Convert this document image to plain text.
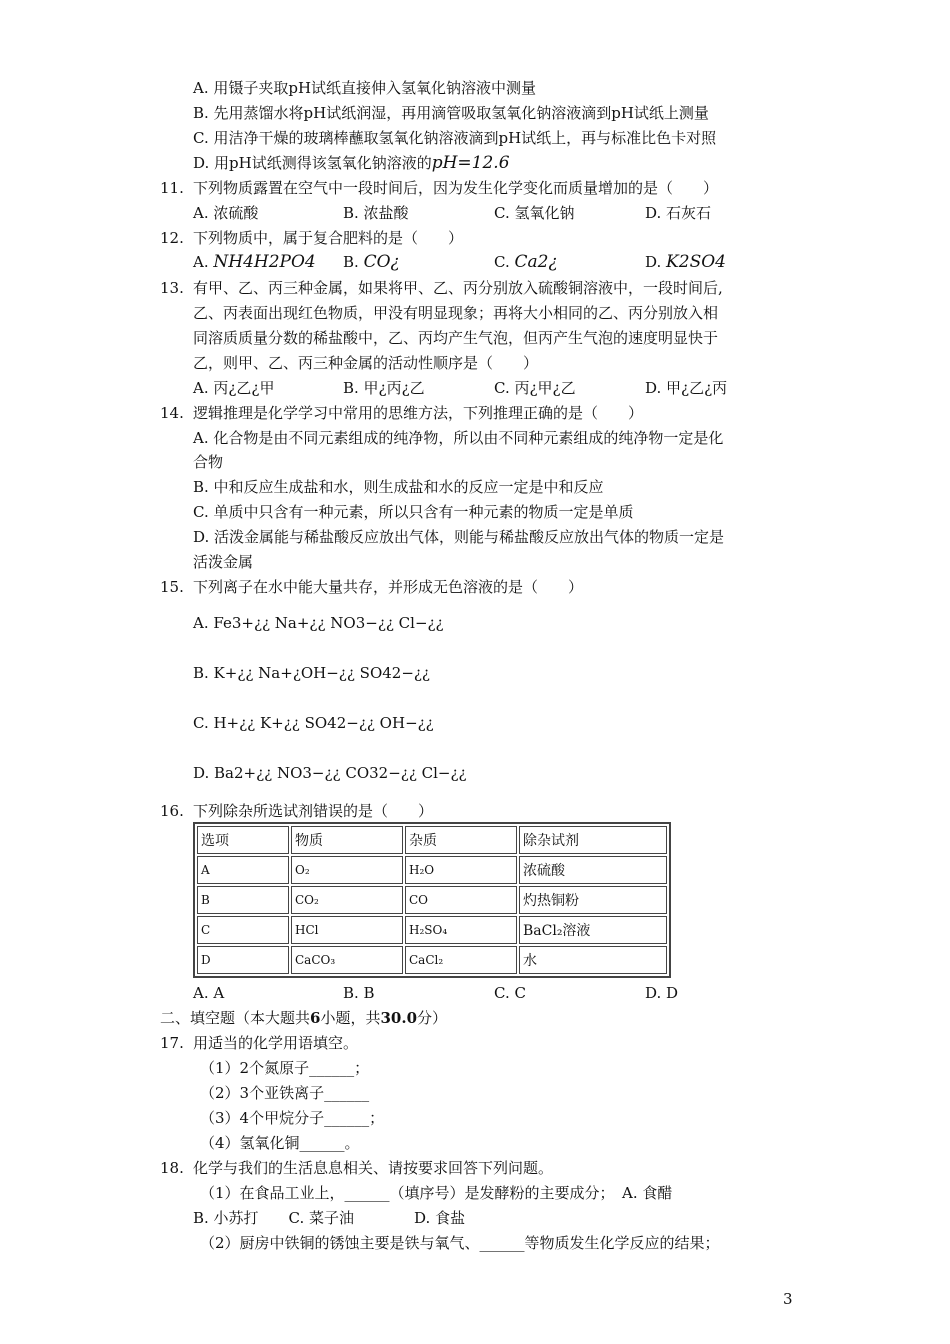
A. 用镊子夹取pH试纸直接伸入氢氧化钠溶液中测量
B. 先用蒸馏水将pH试纸润湿，再用滴管吸取氢氧化钠溶液滴到pH试纸上测量
C. 用洁净干燥的玻璃棒蘸取氢氧化钠溶液滴到pH试纸上，再与标准比色卡对照
D. 用pH试纸测得该氢氧化钠溶液的pH=12.6
11. 下列物质露置在空气中一段时间后，因为发生化学变化而质量增加的是（　　）
A. 浓硫酸	B. 浓盐酸	C. 氢氧化钠	D. 石灰石
12. 下列物质中，属于复合肥料的是（　　）
A. NH4H2PO4 B. CO¿	C. Ca2¿	D. K2SO4
13. 有甲、乙、丙三种金属，如果将甲、乙、丙分别放入硫酸铜溶液中，一段时间后,
乙、丙表面出现红色物质，甲没有明显现象；再将大小相同的乙、丙分别放入相
同溶质质量分数的稀盐酸中，乙、丙均产生气泡，但丙产生气泡的速度明显快于
乙，则甲、乙、丙三种金属的活动性顺序是（　　）
A. 丙¿乙¿甲	B. 甲¿丙¿乙	C. 丙¿甲¿乙	D. 甲¿乙¿丙
14. 逻辑推理是化学学习中常用的思维方法，下列推理正确的是（　　）
A. 化合物是由不同元素组成的纯净物，所以由不同种元素组成的纯净物一定是化
合物
B. 中和反应生成盐和水，则生成盐和水的反应一定是中和反应
C. 单质中只含有一种元素，所以只含有一种元素的物质一定是单质
D. 活泼金属能与稀盐酸反应放出气体，则能与稀盐酸反应放出气体的物质一定是
活泼金属
15. 下列离子在水中能大量共存，并形成无色溶液的是（　　）
A. Fe3+¿¿ Na+¿¿ NO3−¿¿ Cl−¿¿
B. K+¿¿ Na+¿OH−¿¿ SO42−¿¿
C. H+¿¿ K+¿¿ SO42−¿¿ OH−¿¿
D. Ba2+¿¿ NO3−¿¿ CO32−¿¿ Cl−¿¿
16. 下列除杂所选试剂错误的是（　　）
选项	物质	杂质	除杂试剂
A	O₂	H₂O	浓硫酸
B	CO₂	CO	灼热铜粉
C	HCl	H₂SO₄	BaCl₂溶液
D	CaCO₃	CaCl₂	水
A. A	B. B	C. C	D. D
二、填空题（本大题共6小题，共30.0分）
17. 用适当的化学用语填空。
（1）2个氮原子______；
（2）3个亚铁离子______
（3）4个甲烷分子______；
（4）氢氧化铜______。
18. 化学与我们的生活息息相关、请按要求回答下列问题。
（1）在食品工业上，______（填序号）是发酵粉的主要成分；　A. 食醋
B. 小苏打　　C. 菜子油　　　　D. 食盐
（2）厨房中铁铜的锈蚀主要是铁与氧气、______等物质发生化学反应的结果；
3
